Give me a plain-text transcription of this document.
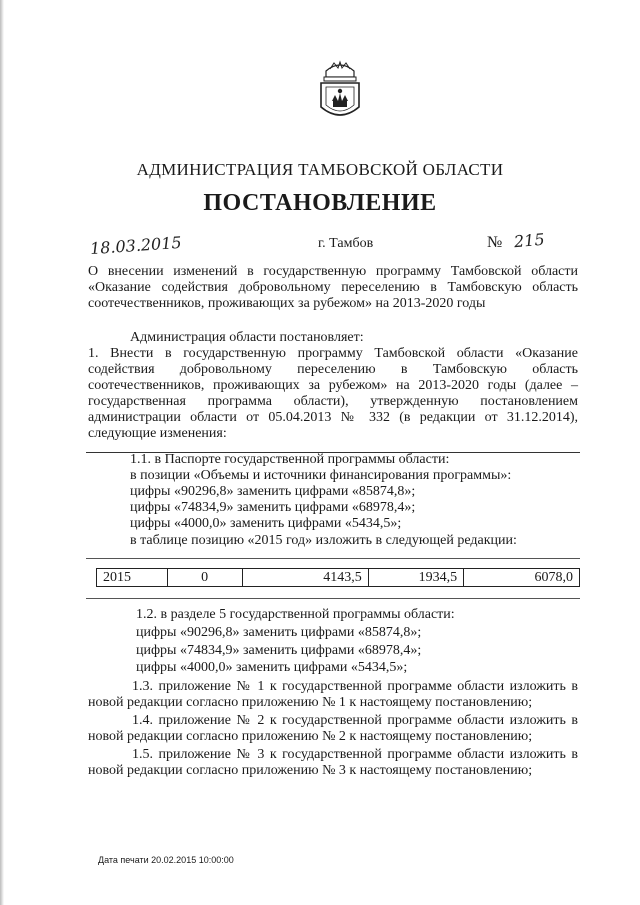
АДМИНИСТРАЦИЯ ТАМБОВСКОЙ ОБЛАСТИ
ПОСТАНОВЛЕНИЕ
18.03.2015	г. Тамбов	№ 215
О внесении изменений в государственную программу Тамбовской области «Оказание содействия добровольному переселению в Тамбовскую область соотечественников, проживающих за рубежом» на 2013-2020 годы
Администрация области постановляет:
1. Внести в государственную программу Тамбовской области «Оказание содействия добровольному переселению в Тамбовскую область соотечественников, проживающих за рубежом» на 2013-2020 годы (далее – государственная программа области), утвержденную постановлением администрации области от 05.04.2013 № 332 (в редакции от 31.12.2014), следующие изменения:
1.1. в Паспорте государственной программы области:
в позиции «Объемы и источники финансирования программы»:
цифры «90296,8» заменить цифрами «85874,8»;
цифры «74834,9» заменить цифрами «68978,4»;
цифры «4000,0» заменить цифрами «5434,5»;
в таблице позицию «2015 год» изложить в следующей редакции:
2015	0	4143,5	1934,5	6078,0
1.2. в разделе 5 государственной программы области:
цифры «90296,8» заменить цифрами «85874,8»;
цифры «74834,9» заменить цифрами «68978,4»;
цифры «4000,0» заменить цифрами «5434,5»;
1.3. приложение № 1 к государственной программе области изложить в новой редакции согласно приложению № 1 к настоящему постановлению;
1.4. приложение № 2 к государственной программе области изложить в новой редакции согласно приложению № 2 к настоящему постановлению;
1.5. приложение № 3 к государственной программе области изложить в новой редакции согласно приложению № 3 к настоящему постановлению;
Дата печати 20.02.2015 10:00:00
